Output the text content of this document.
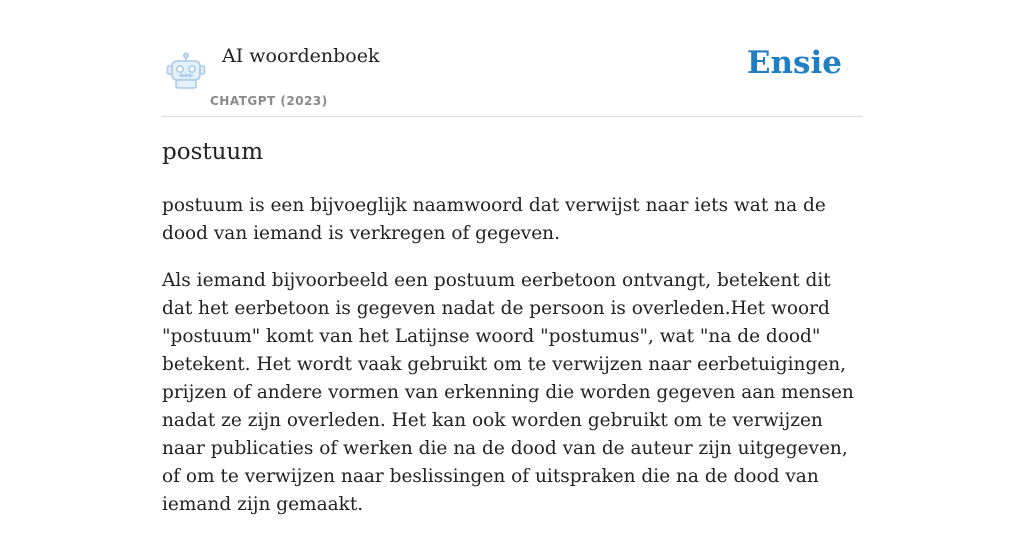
AI woordenboek
CHATGPT (2023)
Ensie
postuum

postuum is een bijvoeglijk naamwoord dat verwijst naar iets wat na de dood van iemand is verkregen of gegeven.

Als iemand bijvoorbeeld een postuum eerbetoon ontvangt, betekent dit dat het eerbetoon is gegeven nadat de persoon is overleden.Het woord "postuum" komt van het Latijnse woord "postumus", wat "na de dood" betekent. Het wordt vaak gebruikt om te verwijzen naar eerbetuigingen, prijzen of andere vormen van erkenning die worden gegeven aan mensen nadat ze zijn overleden. Het kan ook worden gebruikt om te verwijzen naar publicaties of werken die na de dood van de auteur zijn uitgegeven, of om te verwijzen naar beslissingen of uitspraken die na de dood van iemand zijn gemaakt.
